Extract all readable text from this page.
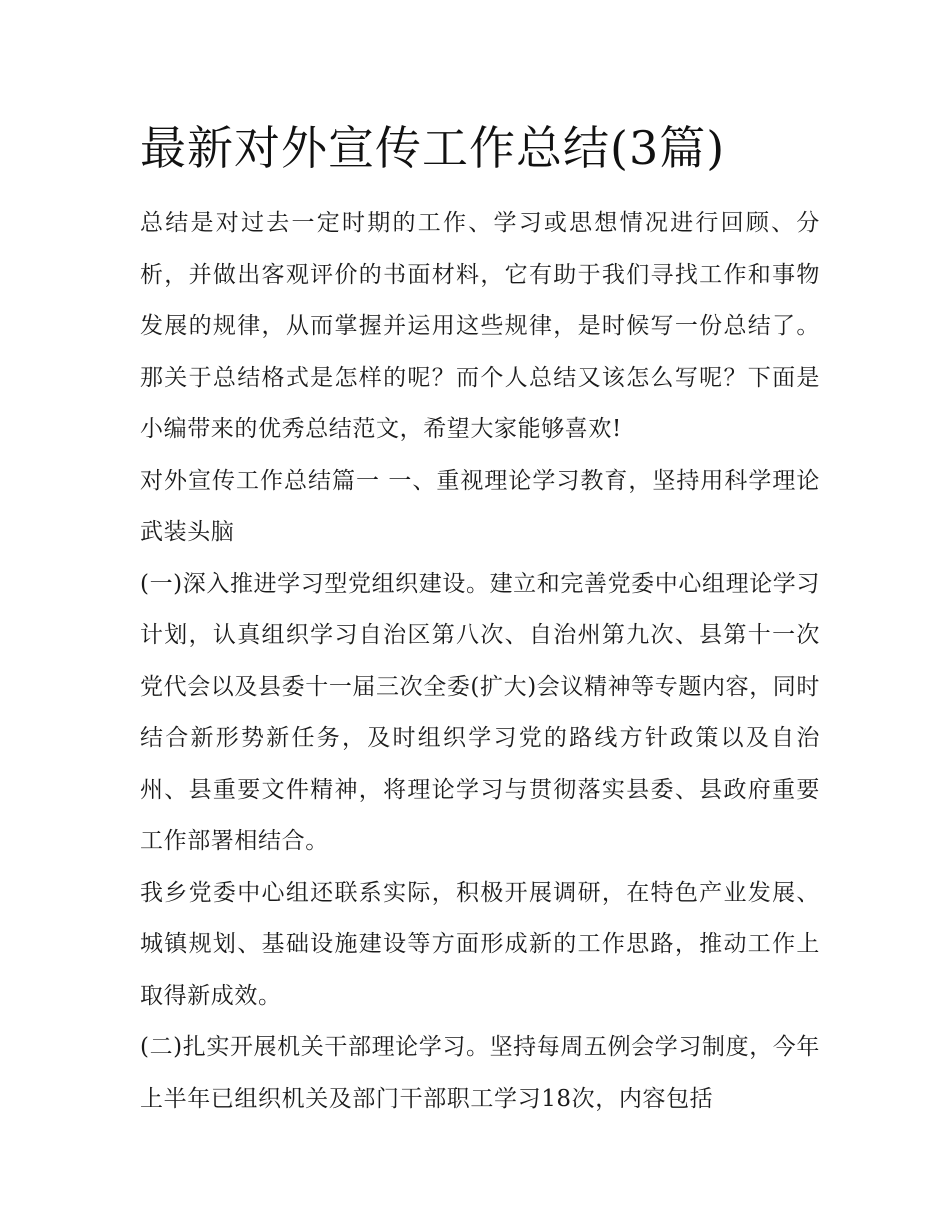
最新对外宣传工作总结(3篇)

总结是对过去一定时期的工作、学习或思想情况进行回顾、分析，并做出客观评价的书面材料，它有助于我们寻找工作和事物发展的规律，从而掌握并运用这些规律，是时候写一份总结了。那关于总结格式是怎样的呢？而个人总结又该怎么写呢？下面是小编带来的优秀总结范文，希望大家能够喜欢!

对外宣传工作总结篇一 一、重视理论学习教育，坚持用科学理论武装头脑

(一)深入推进学习型党组织建设。建立和完善党委中心组理论学习计划，认真组织学习自治区第八次、自治州第九次、县第十一次党代会以及县委十一届三次全委(扩大)会议精神等专题内容，同时结合新形势新任务，及时组织学习党的路线方针政策以及自治州、县重要文件精神，将理论学习与贯彻落实县委、县政府重要工作部署相结合。

我乡党委中心组还联系实际，积极开展调研，在特色产业发展、城镇规划、基础设施建设等方面形成新的工作思路，推动工作上取得新成效。

(二)扎实开展机关干部理论学习。坚持每周五例会学习制度，今年上半年已组织机关及部门干部职工学习18次，内容包括
